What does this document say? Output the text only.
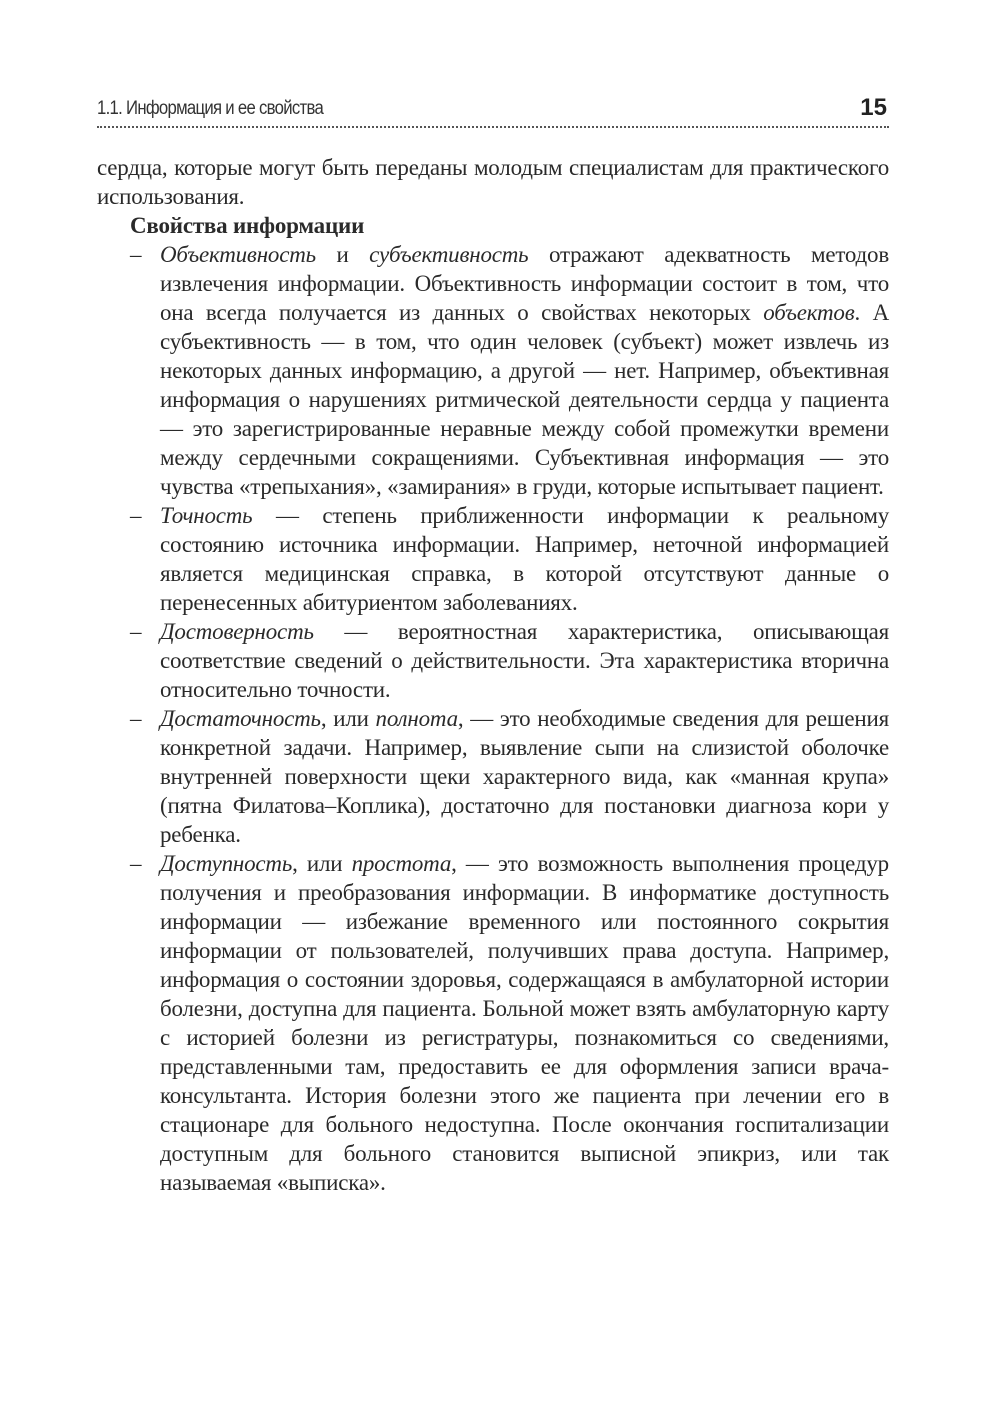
1.1. Информация и ее свойства	15

сердца, которые могут быть переданы молодым специалистам для практического использования.

Свойства информации

– Объективность и субъективность отражают адекватность методов извлечения информации. Объективность информации состоит в том, что она всегда получается из данных о свойствах некоторых объектов. А субъективность — в том, что один человек (субъект) может извлечь из некоторых данных информацию, а другой — нет. Например, объективная информация о нарушениях ритмической деятельности сердца у пациента — это зарегистрированные неравные между собой промежутки времени между сердечными сокращениями. Субъективная информация — это чувства «трепыхания», «замирания» в груди, которые испытывает пациент.

– Точность — степень приближенности информации к реальному состоянию источника информации. Например, неточной информацией является медицинская справка, в которой отсутствуют данные о перенесенных абитуриентом заболеваниях.

– Достоверность — вероятностная характеристика, описывающая соответствие сведений о действительности. Эта характеристика вторична относительно точности.

– Достаточность, или полнота, — это необходимые сведения для решения конкретной задачи. Например, выявление сыпи на слизистой оболочке внутренней поверхности щеки характерного вида, как «манная крупа» (пятна Филатова–Коплика), достаточно для постановки диагноза кори у ребенка.

– Доступность, или простота, — это возможность выполнения процедур получения и преобразования информации. В информатике доступность информации — избежание временного или постоянного сокрытия информации от пользователей, получивших права доступа. Например, информация о состоянии здоровья, содержащаяся в амбулаторной истории болезни, доступна для пациента. Больной может взять амбулаторную карту с историей болезни из регистратуры, познакомиться со сведениями, представленными там, предоставить ее для оформления записи врача-консультанта. История болезни этого же пациента при лечении его в стационаре для больного недоступна. После окончания госпитализации доступным для больного становится выписной эпикриз, или так называемая «выписка».
